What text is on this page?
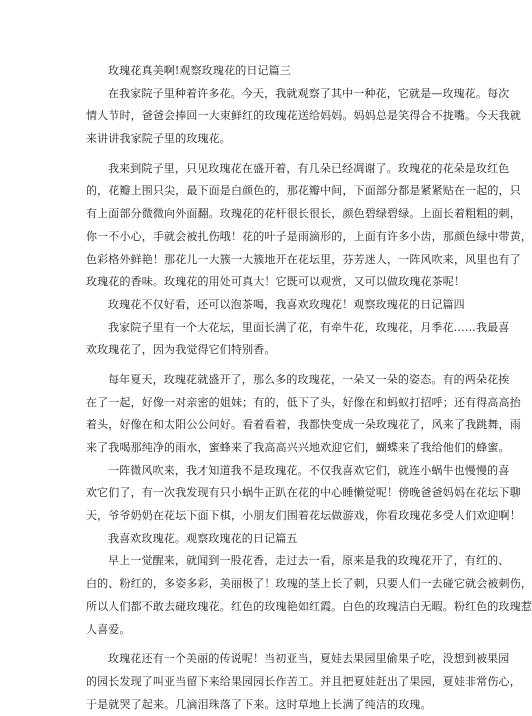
玫瑰花真美啊!观察玫瑰花的日记篇三
在我家院子里种着许多花。今天，我就观察了其中一种花，它就是—玫瑰花。每次
情人节时，爸爸会捧回一大束鲜红的玫瑰花送给妈妈。妈妈总是笑得合不拢嘴。今天我就
来讲讲我家院子里的玫瑰花。
我来到院子里，只见玫瑰花在盛开着，有几朵已经凋谢了。玫瑰花的花朵是玫红色
的，花瓣上围只尖，最下面是白颜色的，那花瓣中间，下面部分都是紧紧贴在一起的，只
有上面部分微微向外面翻。玫瑰花的花杆很长很长，颜色碧绿碧绿。上面长着粗粗的刺，
你一不小心，手就会被扎伤哦！花的叶子是雨滴形的，上面有许多小齿，那颜色绿中带黄，
色彩格外鲜艳！那花儿一大簇一大簇地开在花坛里，芬芳迷人，一阵风吹来，风里也有了
玫瑰花的香味。玫瑰花的用处可真大！它既可以观赏，又可以做玫瑰花茶呢！
玫瑰花不仅好看，还可以泡茶喝，我喜欢玫瑰花！观察玫瑰花的日记篇四
我家院子里有一个大花坛，里面长满了花，有牵牛花，玫瑰花，月季花……我最喜
欢玫瑰花了，因为我觉得它们特别香。
每年夏天，玫瑰花就盛开了，那么多的玫瑰花，一朵又一朵的姿态。有的两朵花挨
在了一起，好像一对亲密的姐妹；有的，低下了头，好像在和蚂蚁打招呼；还有得高高抬
着头，好像在和太阳公公问好。看着看着，我都快变成一朵玫瑰花了，风来了我跳舞，雨
来了我喝那纯净的雨水，蜜蜂来了我高高兴兴地欢迎它们，蝴蝶来了我给他们的蜂蜜。
一阵微风吹来，我才知道我不是玫瑰花。不仅我喜欢它们，就连小蜗牛也慢慢的喜
欢它们了，有一次我发现有只小蜗牛正趴在花的中心睡懒觉呢！傍晚爸爸妈妈在花坛下聊
天，爷爷奶奶在花坛下面下棋，小朋友们围着花坛做游戏，你看玫瑰花多受人们欢迎啊！
我喜欢玫瑰花。观察玫瑰花的日记篇五
早上一觉醒来，就闻到一股花香，走过去一看，原来是我的玫瑰花开了，有红的、
白的、粉红的，多姿多彩，美丽极了！玫瑰的茎上长了刺，只要人们一去碰它就会被刺伤，
所以人们都不敢去碰玫瑰花。红色的玫瑰艳如红霞。白色的玫瑰洁白无暇。粉红色的玫瑰惹
人喜爱。
玫瑰花还有一个美丽的传说呢！当初亚当，夏娃去果园里偷果子吃，没想到被果园
的园长发现了叫亚当留下来给果园园长作苦工。并且把夏娃赶出了果园，夏娃非常伤心，
于是就哭了起来。几滴泪珠落了下来。这时草地上长满了纯洁的玫瑰。
